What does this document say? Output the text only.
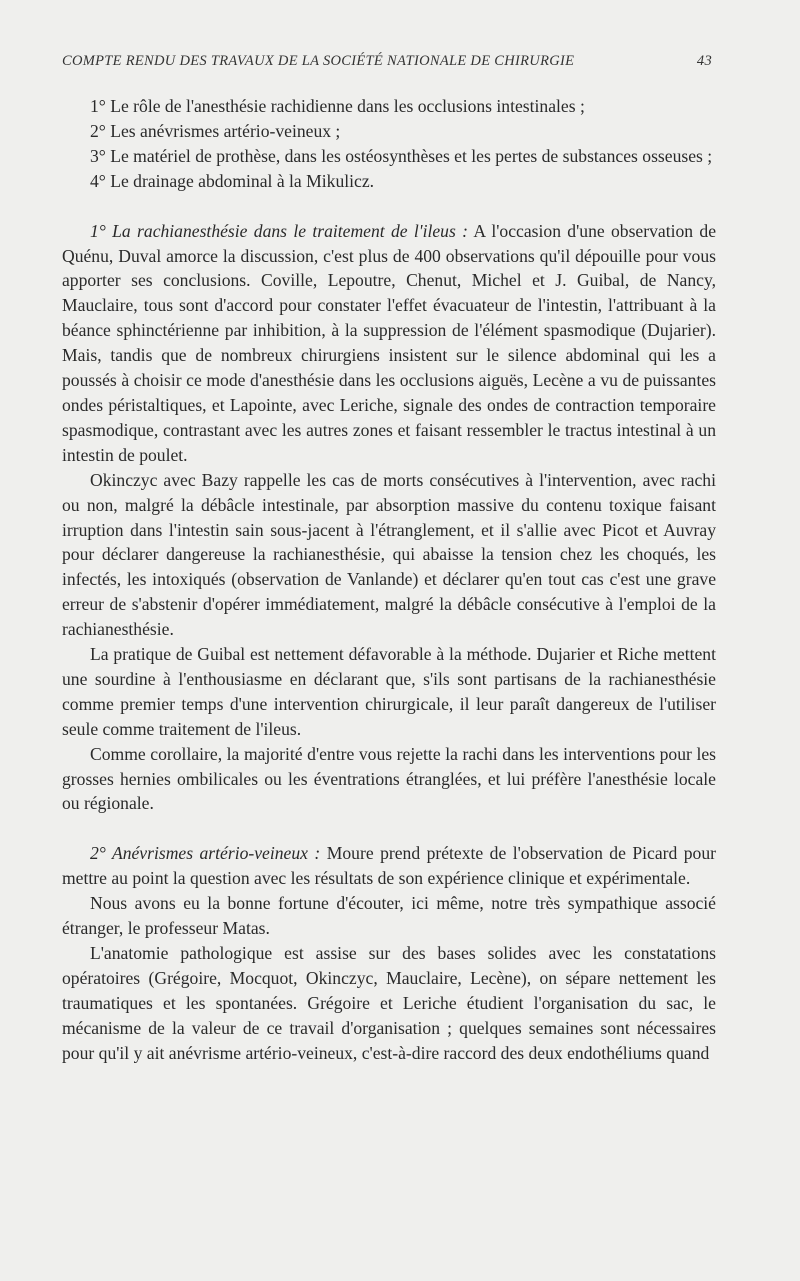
COMPTE RENDU DES TRAVAUX DE LA SOCIÉTÉ NATIONALE DE CHIRURGIE	43

1° Le rôle de l'anesthésie rachidienne dans les occlusions intestinales ;

2° Les anévrismes artério-veineux ;

3° Le matériel de prothèse, dans les ostéosynthèses et les pertes de substances osseuses ;

4° Le drainage abdominal à la Mikulicz.

1° La rachianesthésie dans le traitement de l'ileus : A l'occasion d'une observation de Quénu, Duval amorce la discussion, c'est plus de 400 observations qu'il dépouille pour vous apporter ses conclusions. Coville, Lepoutre, Chenut, Michel et J. Guibal, de Nancy, Mauclaire, tous sont d'accord pour constater l'effet évacuateur de l'intestin, l'attribuant à la béance sphinctérienne par inhibition, à la suppression de l'élément spasmodique (Dujarier). Mais, tandis que de nombreux chirurgiens insistent sur le silence abdominal qui les a poussés à choisir ce mode d'anesthésie dans les occlusions aiguës, Lecène a vu de puissantes ondes péristaltiques, et Lapointe, avec Leriche, signale des ondes de contraction temporaire spasmodique, contrastant avec les autres zones et faisant ressembler le tractus intestinal à un intestin de poulet.

Okinczyc avec Bazy rappelle les cas de morts consécutives à l'intervention, avec rachi ou non, malgré la débâcle intestinale, par absorption massive du contenu toxique faisant irruption dans l'intestin sain sous-jacent à l'étranglement, et il s'allie avec Picot et Auvray pour déclarer dangereuse la rachianesthésie, qui abaisse la tension chez les choqués, les infectés, les intoxiqués (observation de Vanlande) et déclarer qu'en tout cas c'est une grave erreur de s'abstenir d'opérer immédiatement, malgré la débâcle consécutive à l'emploi de la rachianesthésie.

La pratique de Guibal est nettement défavorable à la méthode. Dujarier et Riche mettent une sourdine à l'enthousiasme en déclarant que, s'ils sont partisans de la rachianesthésie comme premier temps d'une intervention chirurgicale, il leur paraît dangereux de l'utiliser seule comme traitement de l'ileus.

Comme corollaire, la majorité d'entre vous rejette la rachi dans les interventions pour les grosses hernies ombilicales ou les éventrations étranglées, et lui préfère l'anesthésie locale ou régionale.

2° Anévrismes artério-veineux : Moure prend prétexte de l'observation de Picard pour mettre au point la question avec les résultats de son expérience clinique et expérimentale.

Nous avons eu la bonne fortune d'écouter, ici même, notre très sympathique associé étranger, le professeur Matas.

L'anatomie pathologique est assise sur des bases solides avec les constatations opératoires (Grégoire, Mocquot, Okinczyc, Mauclaire, Lecène), on sépare nettement les traumatiques et les spontanées. Grégoire et Leriche étudient l'organisation du sac, le mécanisme de la valeur de ce travail d'organisation ; quelques semaines sont nécessaires pour qu'il y ait anévrisme artério-veineux, c'est-à-dire raccord des deux endothéliums quand
